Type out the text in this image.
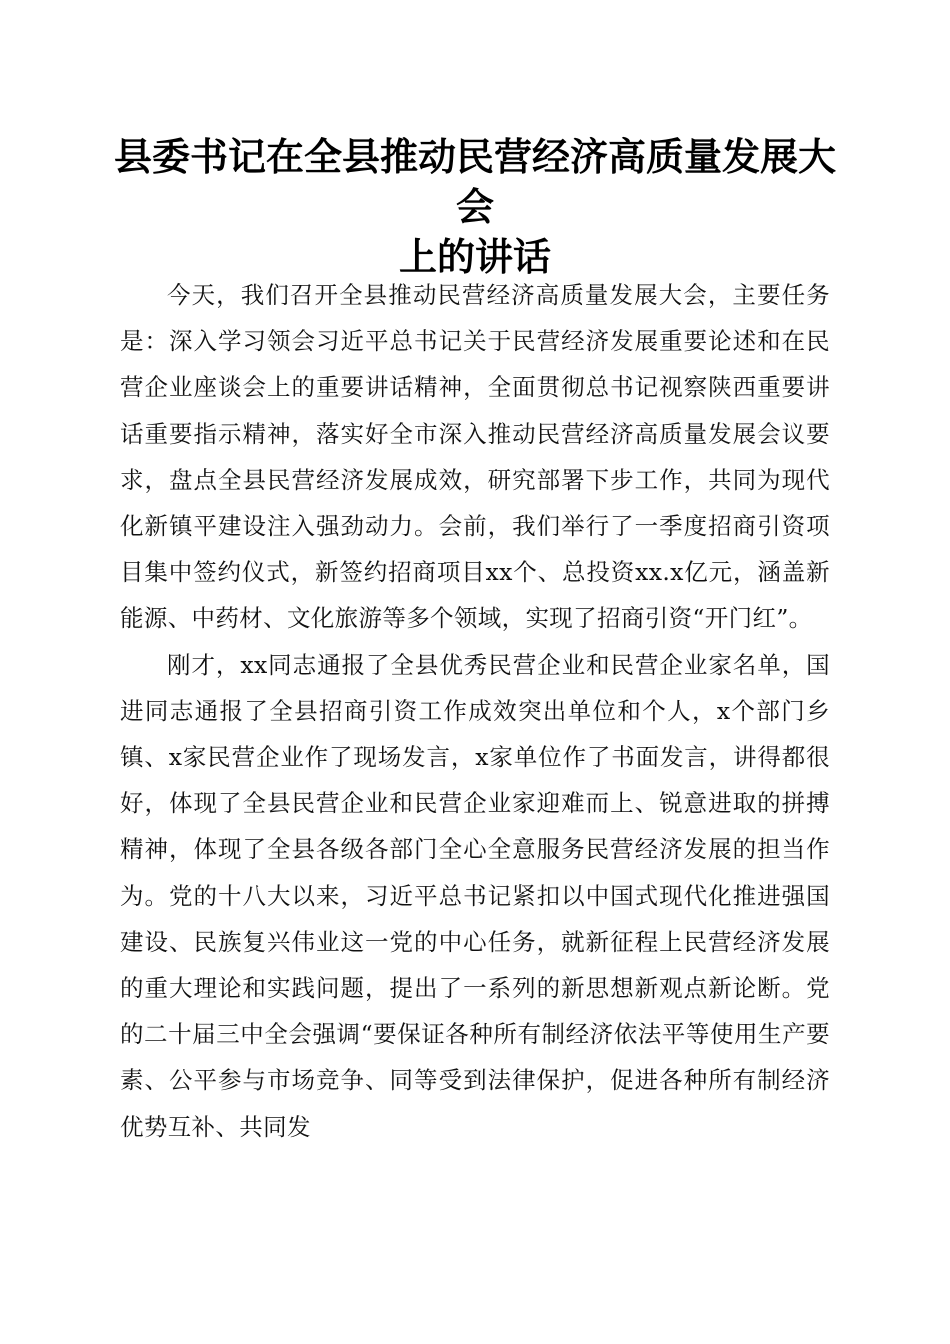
县委书记在全县推动民营经济高质量发展大会
上的讲话

今天，我们召开全县推动民营经济高质量发展大会，主要任务是：深入学习领会习近平总书记关于民营经济发展重要论述和在民营企业座谈会上的重要讲话精神，全面贯彻总书记视察陕西重要讲话重要指示精神，落实好全市深入推动民营经济高质量发展会议要求，盘点全县民营经济发展成效，研究部署下步工作，共同为现代化新镇平建设注入强劲动力。会前，我们举行了一季度招商引资项目集中签约仪式，新签约招商项目xx个、总投资xx.x亿元，涵盖新能源、中药材、文化旅游等多个领域，实现了招商引资“开门红”。

刚才，xx同志通报了全县优秀民营企业和民营企业家名单，国进同志通报了全县招商引资工作成效突出单位和个人，x个部门乡镇、x家民营企业作了现场发言，x家单位作了书面发言，讲得都很好，体现了全县民营企业和民营企业家迎难而上、锐意进取的拼搏精神，体现了全县各级各部门全心全意服务民营经济发展的担当作为。党的十八大以来，习近平总书记紧扣以中国式现代化推进强国建设、民族复兴伟业这一党的中心任务，就新征程上民营经济发展的重大理论和实践问题，提出了一系列的新思想新观点新论断。党的二十届三中全会强调“要保证各种所有制经济依法平等使用生产要素、公平参与市场竞争、同等受到法律保护，促进各种所有制经济优势互补、共同发
